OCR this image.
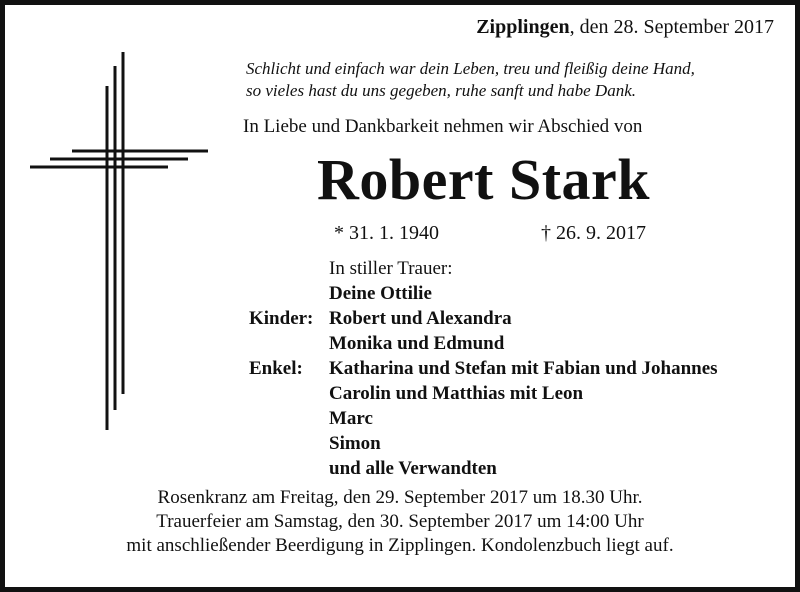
Zipplingen, den 28. September 2017
Schlicht und einfach war dein Leben, treu und fleißig deine Hand,
so vieles hast du uns gegeben, ruhe sanft und habe Dank.
In Liebe und Dankbarkeit nehmen wir Abschied von
Robert Stark
* 31. 1. 1940	† 26. 9. 2017
In stiller Trauer:
Deine Ottilie
Kinder: Robert und Alexandra
Monika und Edmund
Enkel:	Katharina und Stefan mit Fabian und Johannes
Carolin und Matthias mit Leon
Marc
Simon
und alle Verwandten
Rosenkranz am Freitag, den 29. September 2017 um 18.30 Uhr.
Trauerfeier am Samstag, den 30. September 2017 um 14:00 Uhr
mit anschließender Beerdigung in Zipplingen. Kondolenzbuch liegt auf.
